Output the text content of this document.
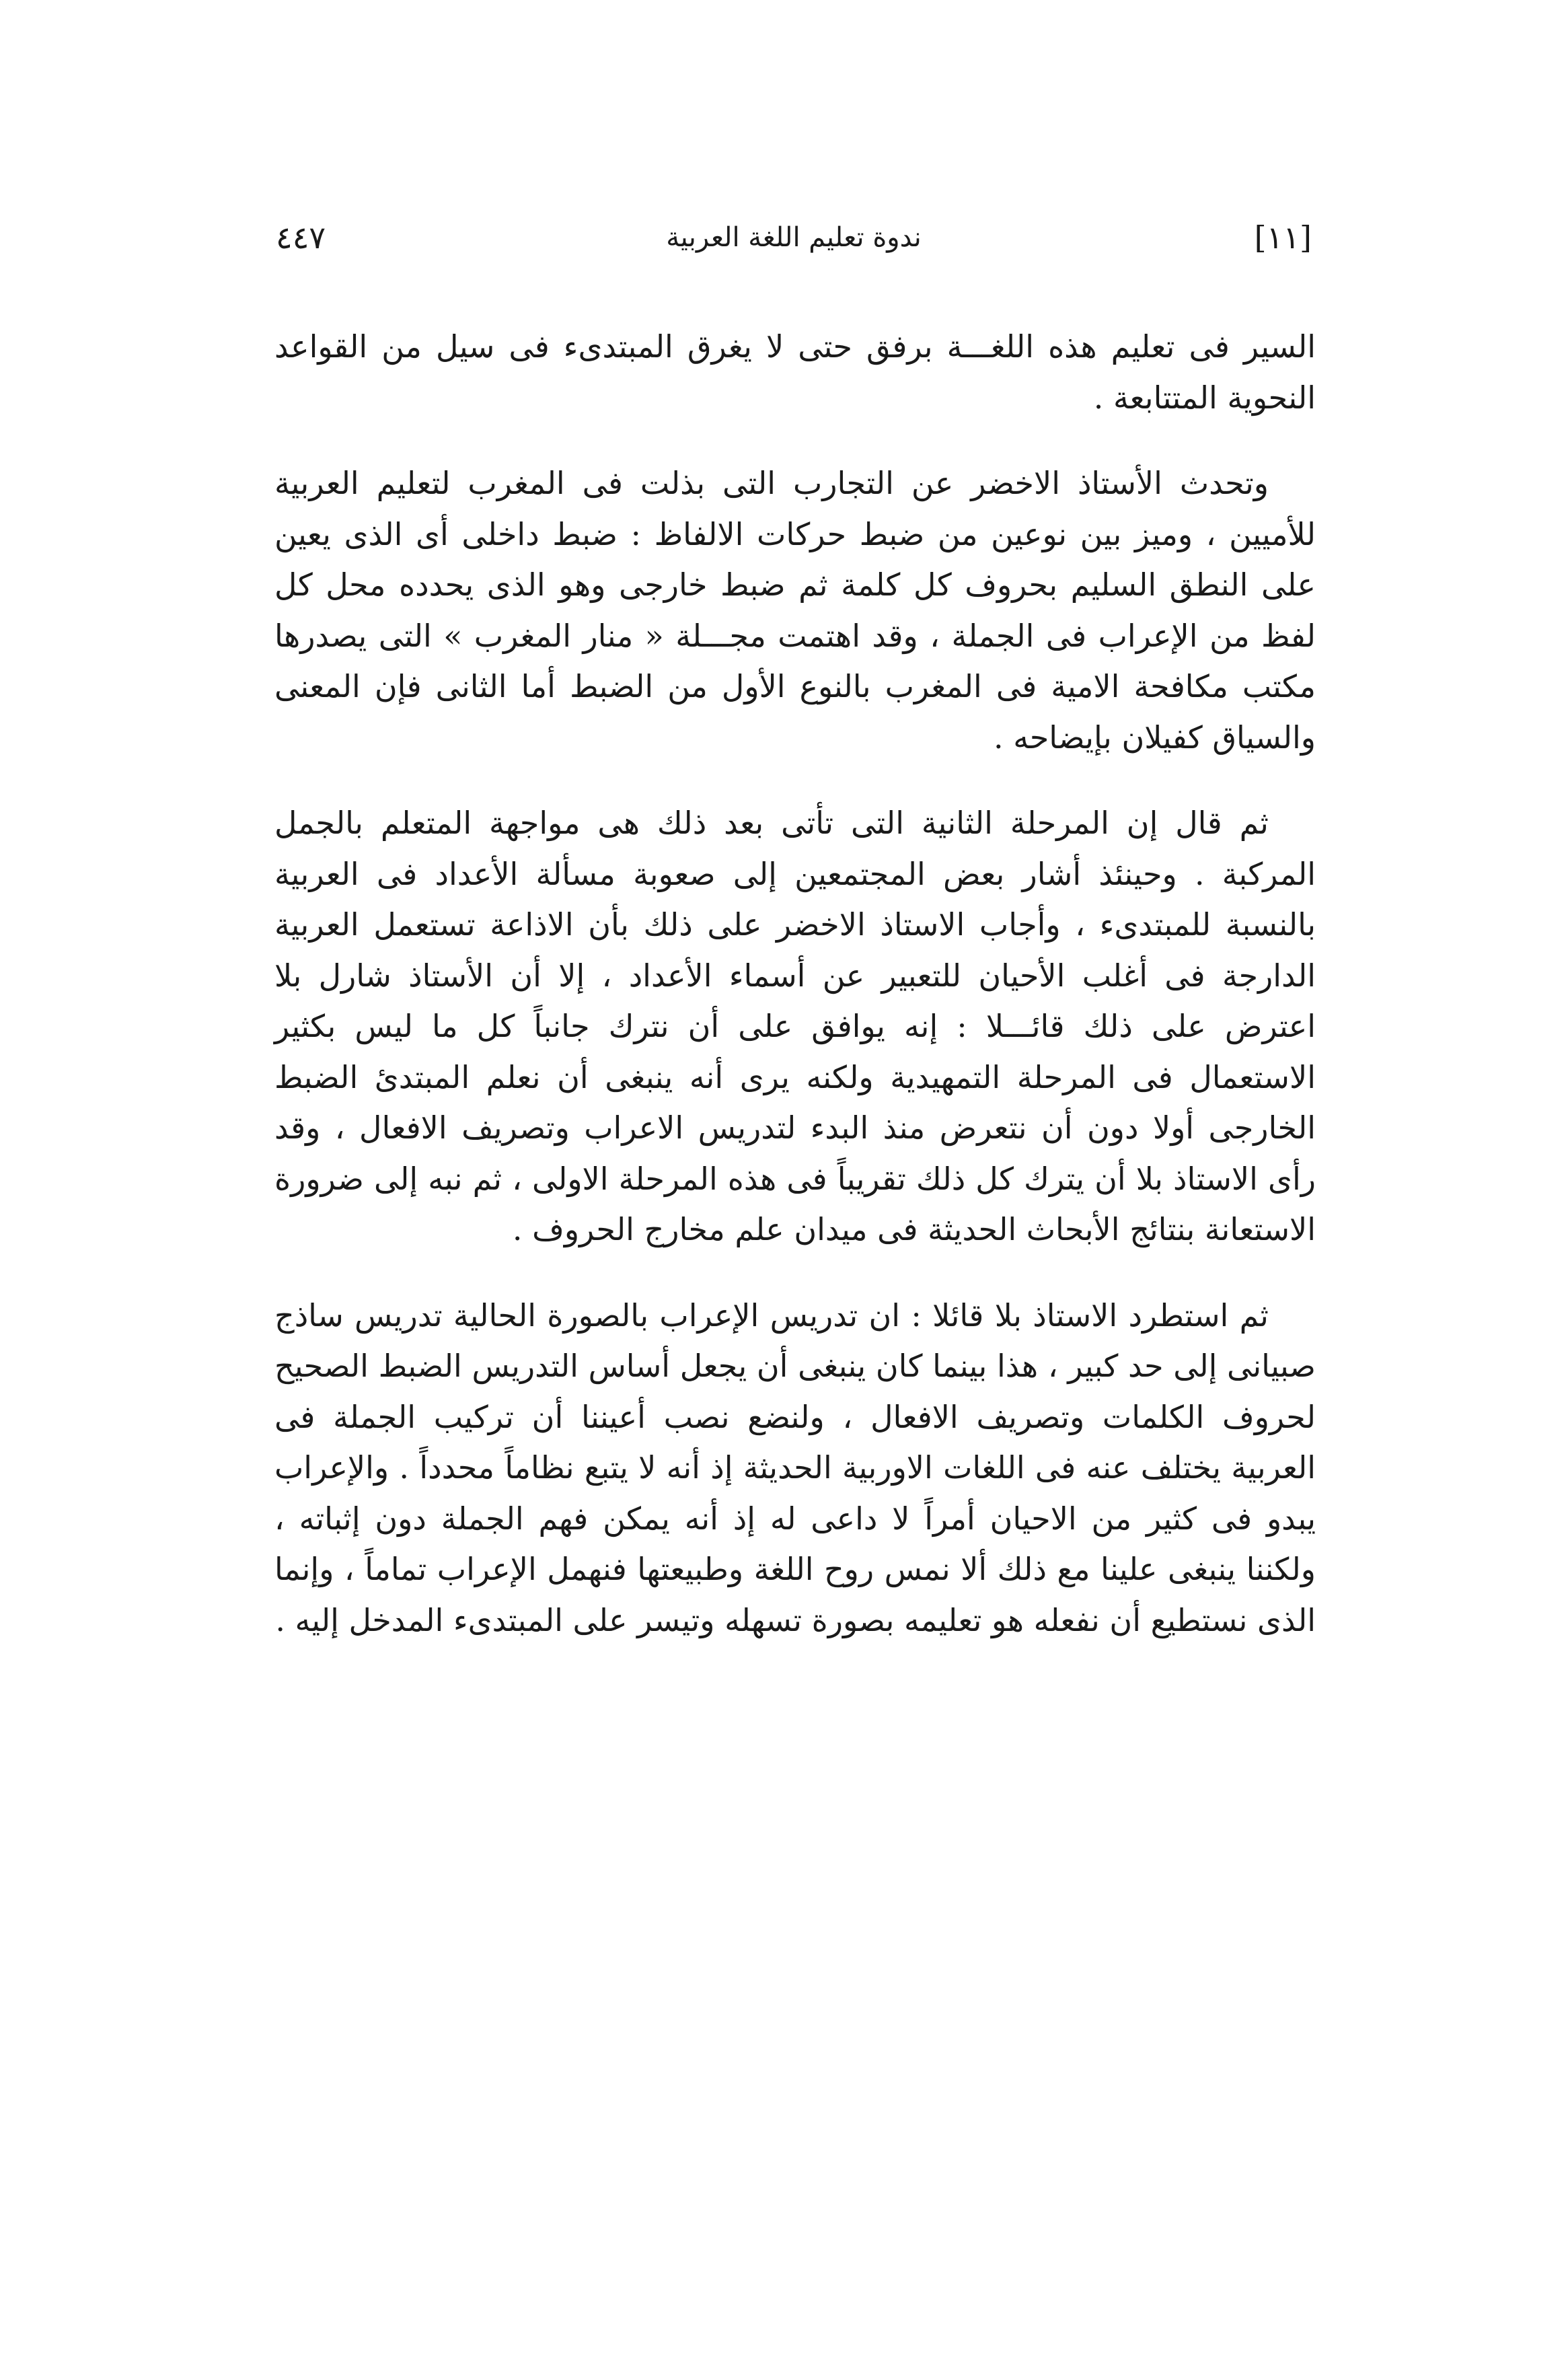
[١١]
ندوة تعليم اللغة العربية
٤٤٧

السير فى تعليم هذه اللغـــة برفق حتى لا يغرق المبتدىء فى سيل من القواعد النحوية المتتابعة .

وتحدث الأستاذ الاخضر عن التجارب التى بذلت فى المغرب لتعليم العربية للأميين ، وميز بين نوعين من ضبط حركات الالفاظ : ضبط داخلى أى الذى يعين على النطق السليم بحروف كل كلمة ثم ضبط خارجى وهو الذى يحدده محل كل لفظ من الإعراب فى الجملة ، وقد اهتمت مجـــلة « منار المغرب » التى يصدرها مكتب مكافحة الامية فى المغرب بالنوع الأول من الضبط أما الثانى فإن المعنى والسياق كفيلان بإيضاحه .

ثم قال إن المرحلة الثانية التى تأتى بعد ذلك هى مواجهة المتعلم بالجمل المركبة . وحينئذ أشار بعض المجتمعين إلى صعوبة مسألة الأعداد فى العربية بالنسبة للمبتدىء ، وأجاب الاستاذ الاخضر على ذلك بأن الاذاعة تستعمل العربية الدارجة فى أغلب الأحيان للتعبير عن أسماء الأعداد ، إلا أن الأستاذ شارل بلا اعترض على ذلك قائـــلا : إنه يوافق على أن نترك جانباً كل ما ليس بكثير الاستعمال فى المرحلة التمهيدية ولكنه يرى أنه ينبغى أن نعلم المبتدئ الضبط الخارجى أولا دون أن نتعرض منذ البدء لتدريس الاعراب وتصريف الافعال ، وقد رأى الاستاذ بلا أن يترك كل ذلك تقريباً فى هذه المرحلة الاولى ، ثم نبه إلى ضرورة الاستعانة بنتائج الأبحاث الحديثة فى ميدان علم مخارج الحروف .

ثم استطرد الاستاذ بلا قائلا : ان تدريس الإعراب بالصورة الحالية تدريس ساذج صبيانى إلى حد كبير ، هذا بينما كان ينبغى أن يجعل أساس التدريس الضبط الصحيح لحروف الكلمات وتصريف الافعال ، ولنضع نصب أعيننا أن تركيب الجملة فى العربية يختلف عنه فى اللغات الاوربية الحديثة إذ أنه لا يتبع نظاماً محدداً . والإعراب يبدو فى كثير من الاحيان أمراً لا داعى له إذ أنه يمكن فهم الجملة دون إثباته ، ولكننا ينبغى علينا مع ذلك ألا نمس روح اللغة وطبيعتها فنهمل الإعراب تماماً ، وإنما الذى نستطيع أن نفعله هو تعليمه بصورة تسهله وتيسر على المبتدىء المدخل إليه .
